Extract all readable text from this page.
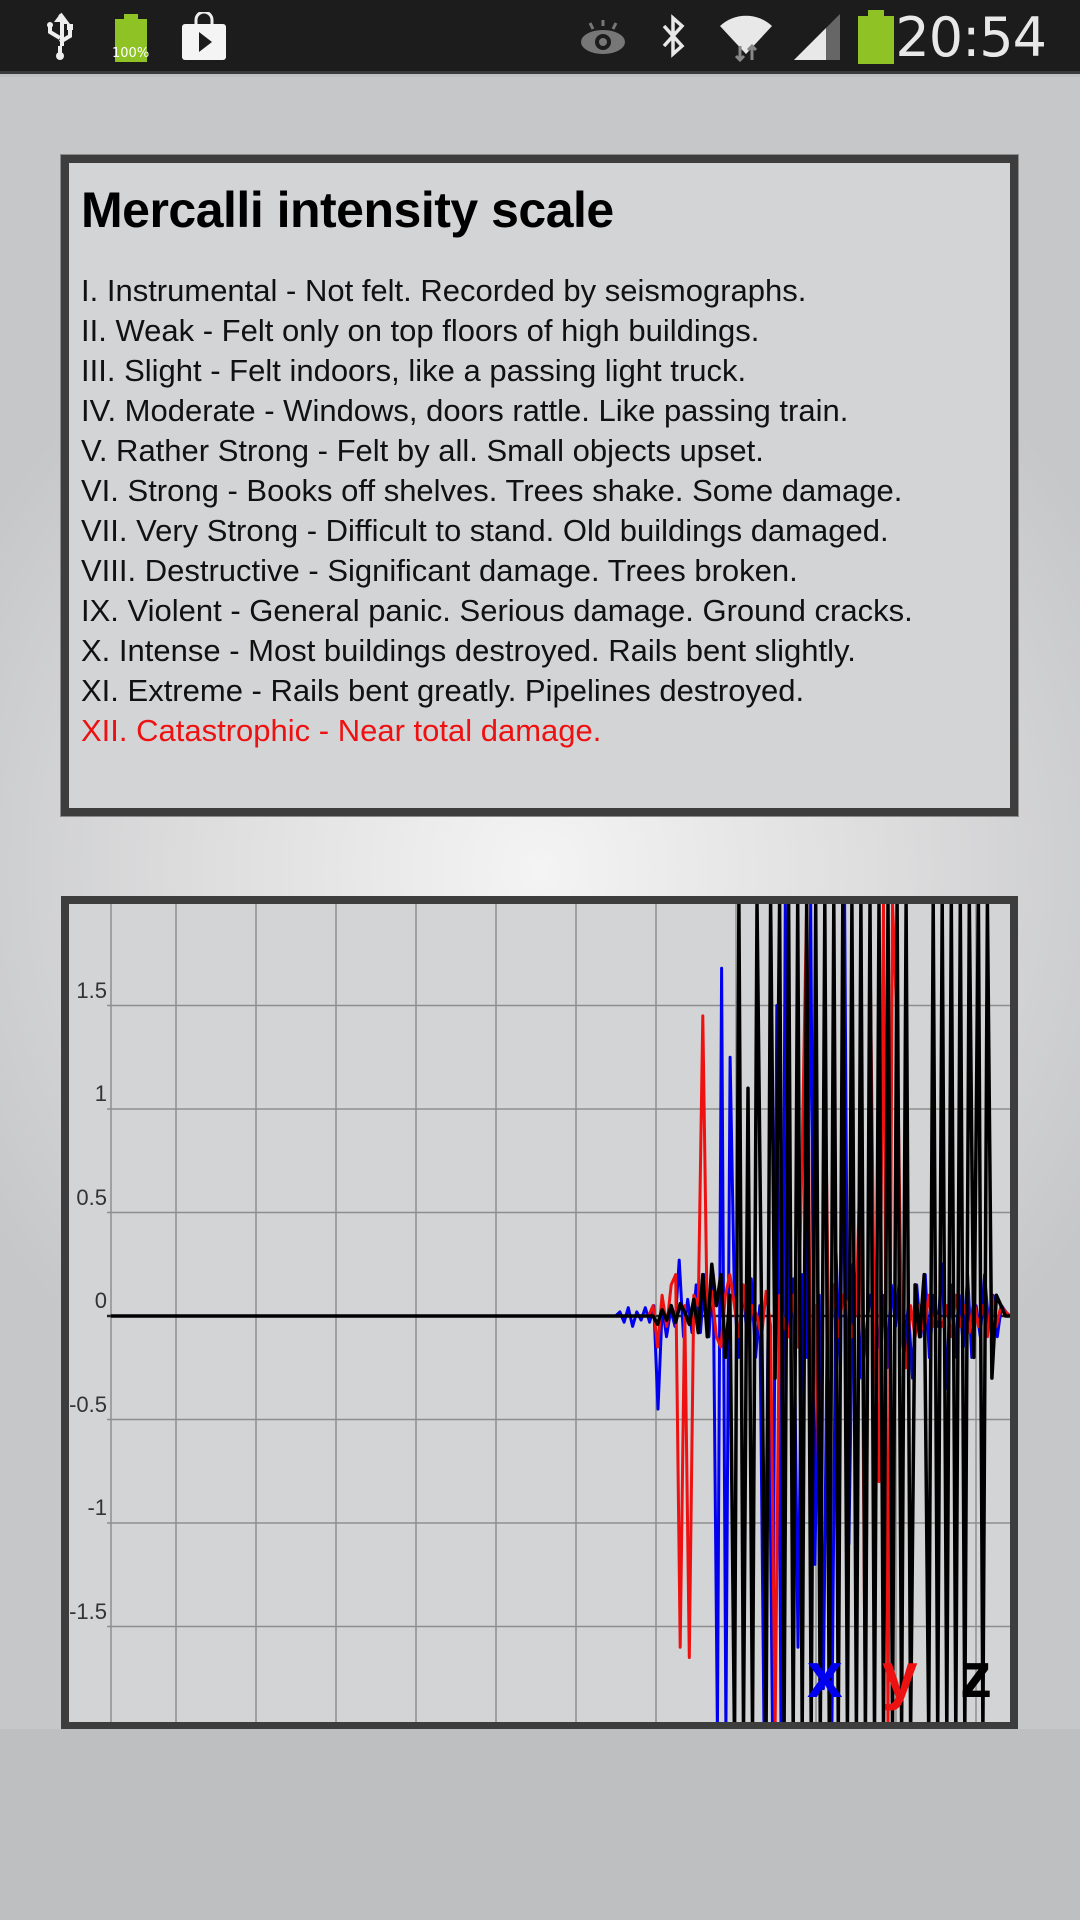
100%	20:54
Mercalli intensity scale
I. Instrumental - Not felt. Recorded by seismographs.
II. Weak - Felt only on top floors of high buildings.
III. Slight - Felt indoors, like a passing light truck.
IV. Moderate - Windows, doors rattle. Like passing train.
V. Rather Strong - Felt by all. Small objects upset.
VI. Strong - Books off shelves. Trees shake. Some damage.
VII. Very Strong - Difficult to stand. Old buildings damaged.
VIII. Destructive - Significant damage. Trees broken.
IX. Violent - General panic. Serious damage. Ground cracks.
X. Intense - Most buildings destroyed. Rails bent slightly.
XI. Extreme - Rails bent greatly. Pipelines destroyed.
XII. Catastrophic - Near total damage.
1.5
1
0.5
0
-0.5
-1
-1.5
x y z
